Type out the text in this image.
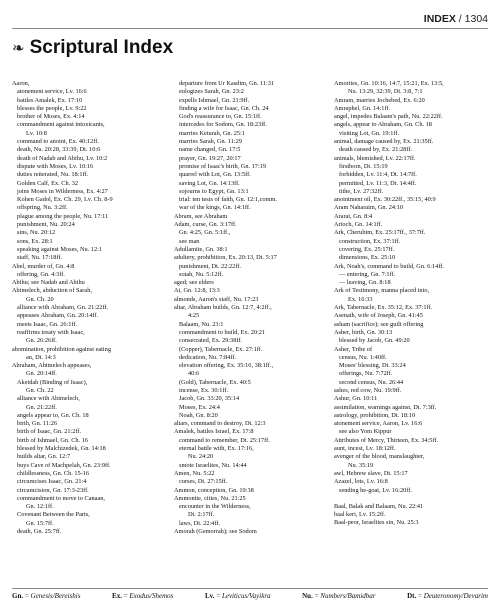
INDEX / 1304
❧ Scriptural Index
Aaron,
atonement service, Lv. 16:6
battles Amalek, Ex. 17:10
blesses the people, Lv. 9:22
brother of Moses, Ex. 4:14
commandment against intoxicants,
Lv. 10:8
command to anoint, Ex. 40:12ff.
death, Nu. 20:28, 33:39, Dt. 10:6
death of Nadab and Abihu, Lv. 10:2
dispute with Moses, Lv. 10:16
duties reiterated, Nu. 18:1ff.
Golden Calf, Ex. Ch. 32
joins Moses in Wilderness, Ex. 4:27
Kohen Gadol, Ex. Ch. 29, Lv. Ch. 8-9
offspring, Nu. 3:2ff.
plague among the people, Nu. 17:11
punishment, Nu. 20:24
sins, Nu. 20:12
sons, Ex. 28:1
speaking against Moses, Nu. 12:1
staff, Nu. 17:18ff.
Abel, murder of, Gn. 4:8
offering, Gn. 4:3ff.
Abihu; see Nadab and Abihu
Abimelech, abduction of Sarah,
Gn. Ch. 20
alliance with Abraham, Gn. 21:22ff.
appeases Abraham, Gn. 20:14ff.
meets Isaac, Gn. 26:1ff.
reaffirms treaty with Isaac,
Gn. 26:26ff.
abomination, prohibition against eating
an, Dt. 14:3
Abraham, Abimelech appeases,
Gn. 20:14ff.
Akeidah (Binding of Isaac),
Gn. Ch. 22
alliance with Abimelech,
Gn. 21:22ff.
angels appear to, Gn. Ch. 18
birth, Gn. 11:26
birth of Isaac, Gn. 21:2ff.
birth of Ishmael, Gn. Ch. 16
blessed by Malchizedek, Gn. 14:18
builds altar, Gn. 12:7
buys Cave of Machpelah, Gn. 23:9ff.
childlessness, Gn. Ch. 15-16
circumcises Isaac, Gn. 21:4
circumcision, Gn. 17:3-23ff.
commandment to move to Canaan,
Gn. 12:1ff.
Covenant Between the Parts,
Gn. 15:7ff.
death, Gn. 25:7ff.
departure from Ur Kasdim, Gn. 11:31
eulogizes Sarah, Gn. 23:2
expells Ishmael, Gn. 21:9ff.
finding a wife for Isaac, Gn. Ch. 24
God's reassurance to, Gn. 15:1ff.
intercedes for Sodom, Gn. 18:23ff.
marries Keturah, Gn. 25:1
marries Sarah, Gn. 11:29
name changed, Gn. 17:5
prayer, Gn. 19:27, 20:17
promise of Isaac's birth, Gn. 17:19
quarrel with Lot, Gn. 13:5ff.
saving Lot, Gn. 14:13ff.
sojourns to Egypt, Gn. 13:1
trial: ten tests of faith, Gn. 12:1,comm.
war of the kings, Gn. 14:1ff.
Abram, see Abraham
Adam, curse, Gn. 3:17ff.
Gn. 4:25, Gn. 5:1ff.,
see man
Adullamite, Gn. 38:1
adultery, prohibition, Ex. 20:13, Dt. 5:17
punishment, Dt. 22:22ff.
sotah, Nu. 5:12ff.
aged; see elders
Ai, Gn. 12:8, 13:3
almonds, Aaron's staff, Nu. 17:23
altar, Abraham builds, Gn. 12:7, 4:2ff.,
4:25
Balaam, Nu. 23:1
commandment to build, Ex. 20:21
consecrated, Ex. 29:38ff.
(Copper), Tabernacle, Ex. 27:1ff.
dedication, Nu. 7:84ff.
elevation offering, Ex. 35:16, 38:1ff.,
40:6
(Gold), Tabernacle, Ex. 40:5
incense, Ex. 30:1ff.
Jacob, Gn. 33:20, 35:14
Moses, Ex. 24:4
Noah, Gn. 8:20
altars, command to destroy, Dt. 12:3
Amalek, battles Israel, Ex. 17:8
command to remember, Dt. 25:17ff.
eternal battle with, Ex. 17:16,
Nu. 24:20
smote Israelites, Nu. 14:44
Amen, Nu. 5:22
curses, Dt. 27:15ff.
Ammon, conception, Gn. 19:38
Ammonite, cities, Nu. 21:25
encounter in the Wilderness,
Dt. 2:17ff.
laws, Dt. 22:4ff.
Amorah (Gemorrah); see Sodom
Amorites, Gn. 10:16, 14:7, 15:21, Ex. 13:5,
Nu. 13:29, 32:39, Dt. 3:8, 7:1
Amram, marries Jochebed, Ex. 6:20
Amraphel, Gn. 14:1ff.
angel, impedes Balaam's path, Nu. 22:22ff.
angels, appear to Abraham, Gn. Ch. 18
visiting Lot, Gn. 19:1ff.
animal, damage caused by, Ex. 21:35ff.
death caused by, Ex. 21:28ff.
animals, blemished, Lv. 22:17ff.
firstborn, Dt. 15:19
forbidden, Lv. 11:4, Dt. 14:7ff.
permitted, Lv. 11:3, Dt. 14:4ff.
tithe, Lv. 27:32ff.
anointment oil, Ex. 30:22ff., 35:15, 40:9
Aram Naharaim, Gn. 24:10
Ararat, Gn. 8:4
Arioch, Gn. 14:1ff.
Ark, Cherubim, Ex. 25:17ff., 37:7ff.
construction, Ex. 37:1ff.
covering, Ex. 25:17ff.
dimensions, Ex. 25:10
Ark, Noah's, command to build, Gn. 6:14ff.
— entering, Gn. 7:1ff.
— leaving, Gn. 8:18
Ark of Testimony, manna placed into,
Ex. 16:33
Ark, Tabernacle, Ex. 35:12, Ex. 37:1ff.
Asenath, wife of Joseph, Gn. 41:45
asham (sacrifice); see guilt offering
Asher, birth, Gn. 30:13
blessed by Jacob, Gn. 49:20
Asher, Tribe of
census, Nu. 1:40ff.
Moses' blessing, Dt. 33:24
offerings, Nu. 7:72ff.
second census, Nu. 26:44
ashes, red cow, Nu. 19:9ff.
Ashur, Gn. 10:11
assimilation, warnings against, Dt. 7:3ff.
astrology, prohibition, Dt. 18:10
atonement service, Aaron, Lv. 16:6
see also Yom Kippur
Attributes of Mercy, Thirteen, Ex. 34:5ff.
aunt, incest, Lv. 18:12ff.
avenger of the blood, manslaughter,
Nu. 35:19
awl, Hebrew slave, Dt. 15:17
Azazel, lots, Lv. 16:8
sending he-goat, Lv. 16:20ff.
Baal, Balak and Balaam, Nu. 22:41
baal keri, Lv. 15:2ff.
Baal-peor, Israelites sin, Nu. 25:3
Gn. = Genesis/Bereishis	Ex. = Exodus/Shemos	Lv. = Leviticus/Vayikra	Nu. = Numbers/Bamidbar	Dt. = Deuteronomy/Devarim
